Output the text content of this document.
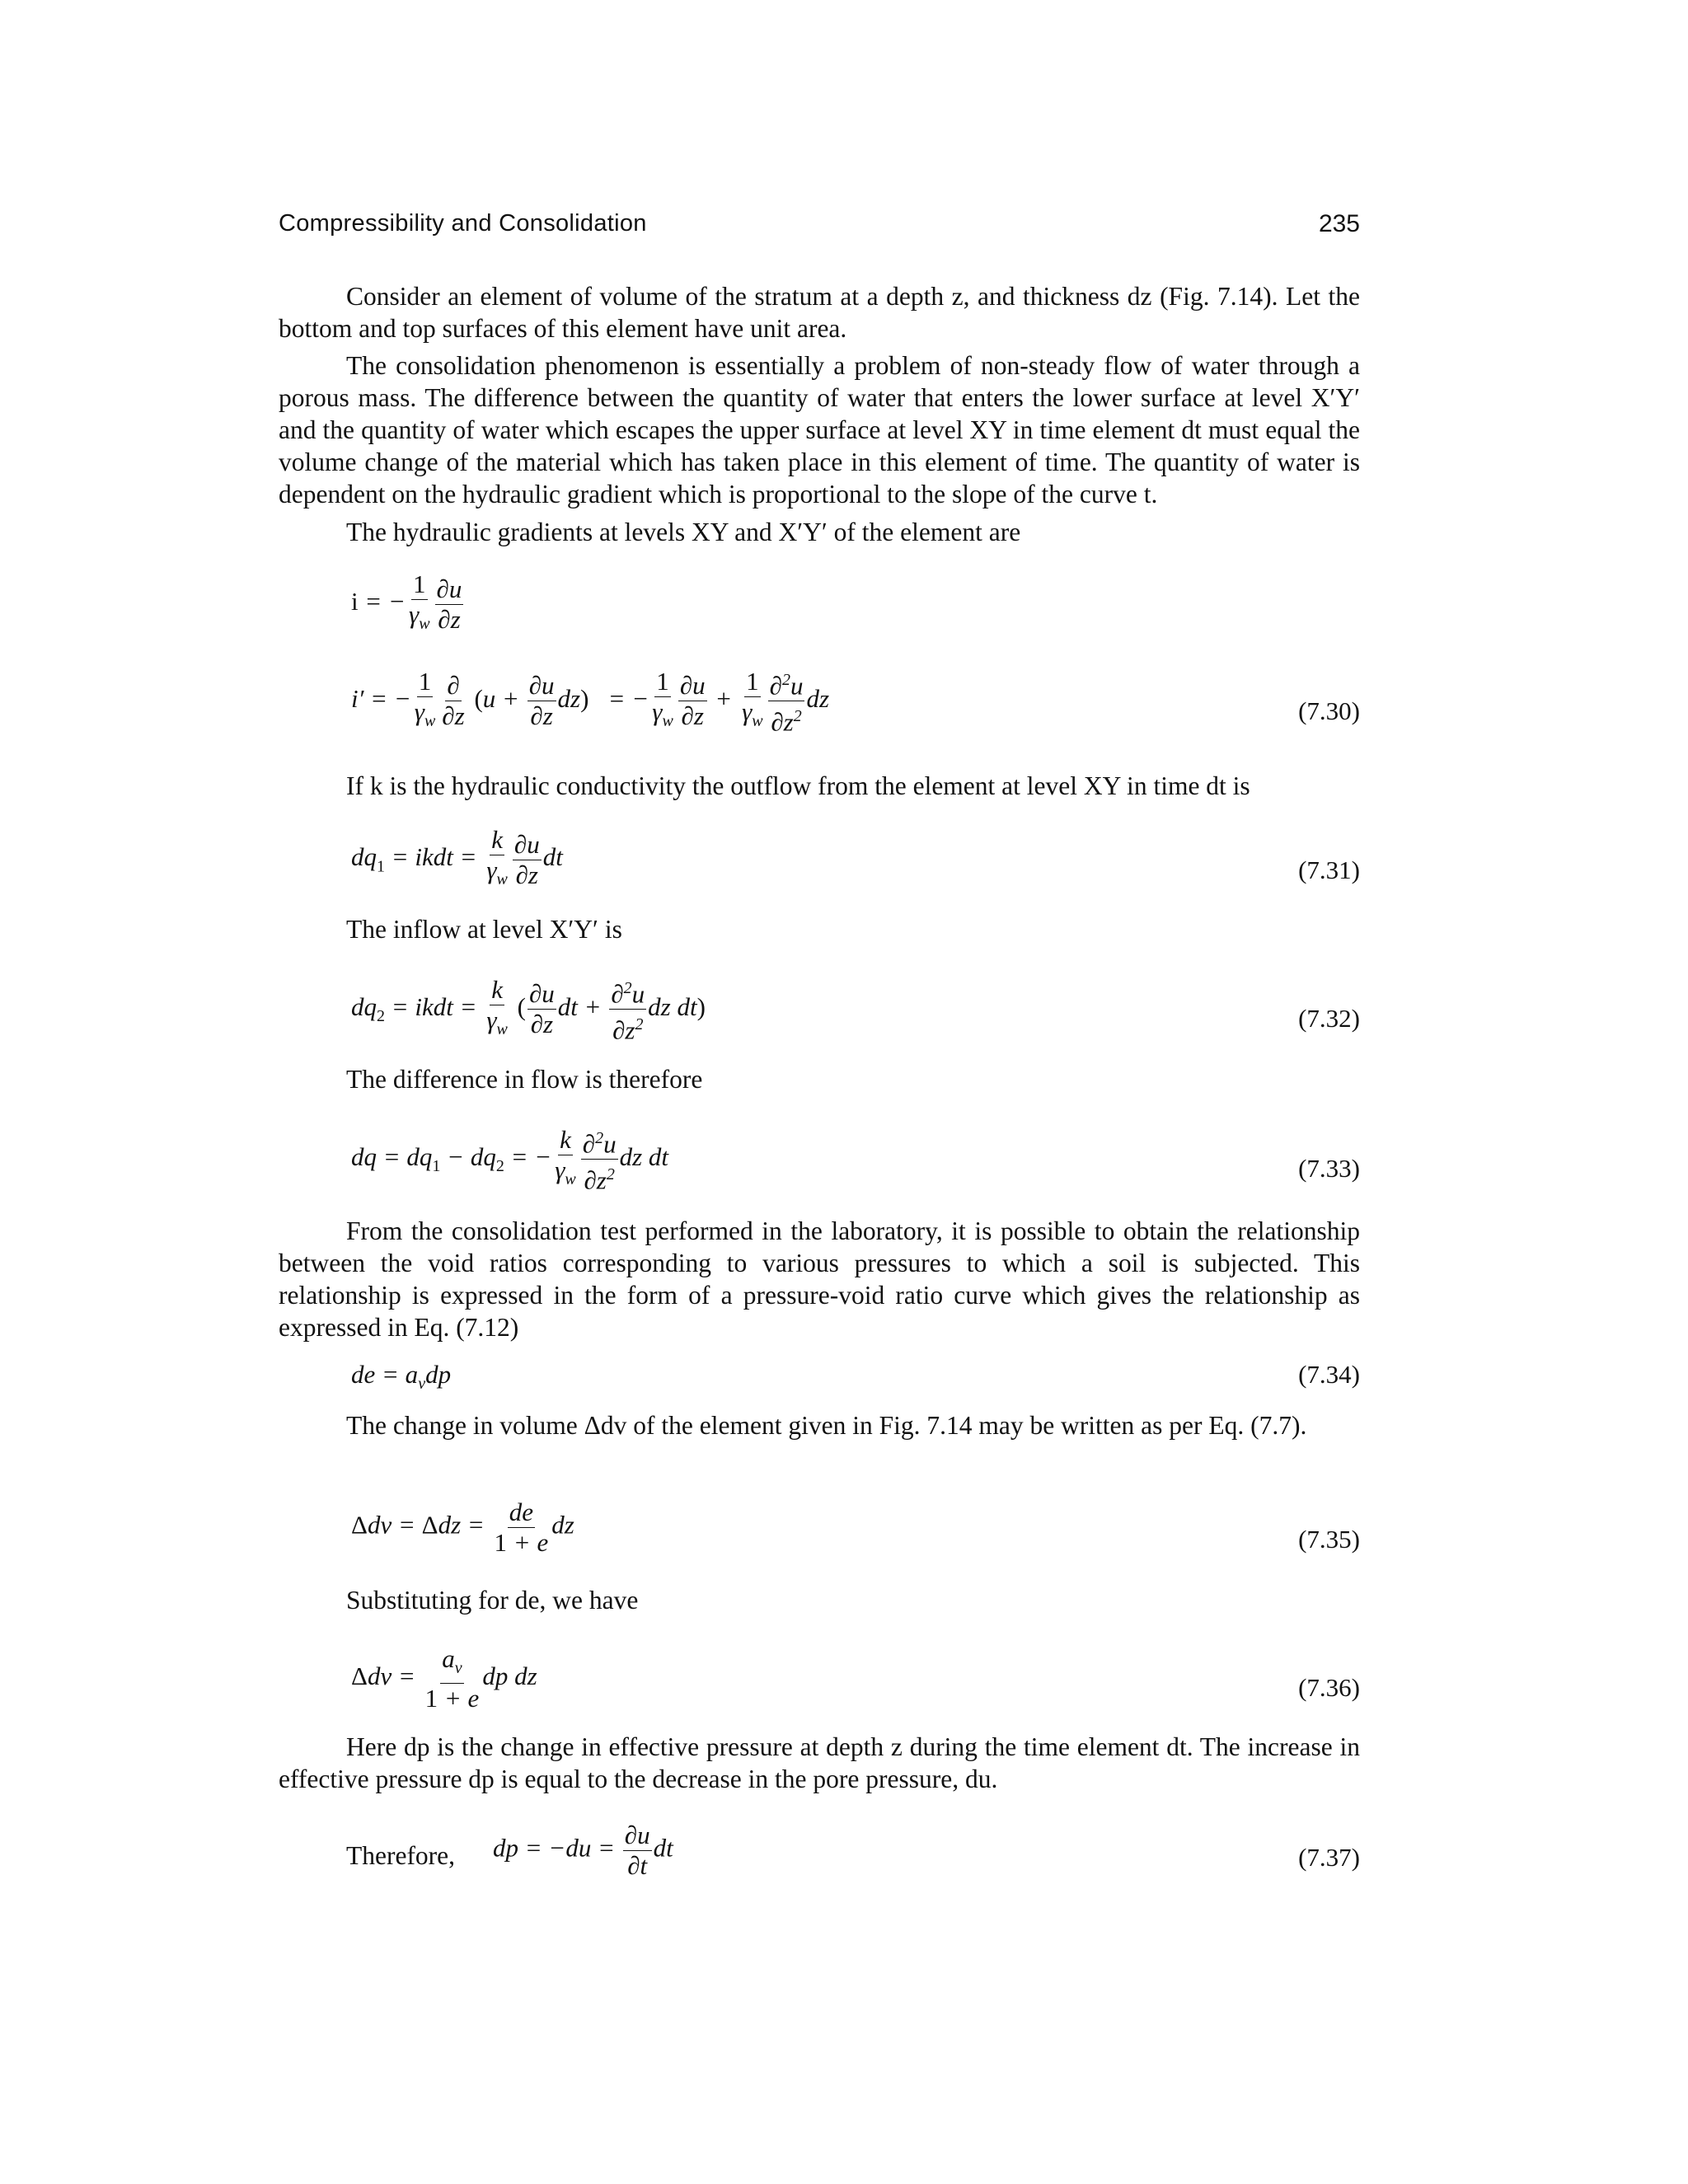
Compressibility and Consolidation	235

Consider an element of volume of the stratum at a depth z, and thickness dz (Fig. 7.14). Let the bottom and top surfaces of this element have unit area.

The consolidation phenomenon is essentially a problem of non-steady flow of water through a porous mass. The difference between the quantity of water that enters the lower surface at level X′Y′ and the quantity of water which escapes the upper surface at level XY in time element dt must equal the volume change of the material which has taken place in this element of time. The quantity of water is dependent on the hydraulic gradient which is proportional to the slope of the curve t.

The hydraulic gradients at levels XY and X′Y′ of the element are

i = − $\frac{1}{\gamma_w} \frac{\partial u}{\partial z}$
i′ = − $\frac{1}{\gamma_w} \frac{\partial}{\partial z} (u + \frac{\partial u}{\partial z} dz)$   = − $\frac{1}{\gamma_w} \frac{\partial u}{\partial z} + \frac{1}{\gamma_w} \frac{\partial^2u}{\partial z^2}$ dz	(7.30)

If k is the hydraulic conductivity the outflow from the element at level XY in time dt is

$dq_1$ = ikdt = $\frac{k}{\gamma_w} \frac{\partial u}{\partial z}$ dt	(7.31)

The inflow at level X′Y′ is

$dq_2$ = ikdt = $\frac{k}{\gamma_w}$ ( $\frac{\partial u}{\partial z}$ dt + $\frac{\partial^2u}{\partial z^2}$ dz dt)	(7.32)

The difference in flow is therefore

dq = $dq_1 - dq_2$ = − $\frac{k}{\gamma_w} \frac{\partial^2u}{\partial z^2}$ dz dt	(7.33)

From the consolidation test performed in the laboratory, it is possible to obtain the relationship between the void ratios corresponding to various pressures to which a soil is subjected. This relationship is expressed in the form of a pressure-void ratio curve which gives the relationship as expressed in Eq. (7.12)

de = $a_vdp$	(7.34)

The change in volume Δdv of the element given in Fig. 7.14 may be written as per Eq. (7.7).

$\Delta dv = \Delta dz = \frac{de}{1 + e}$ dz	(7.35)

Substituting for de, we have

$\Delta dv = \frac{a_v}{1 + e}$ dp dz	(7.36)

Here dp is the change in effective pressure at depth z during the time element dt. The increase in effective pressure dp is equal to the decrease in the pore pressure, du.

Therefore, dp = $-du = \frac{\partial u}{\partial t}$ dt	(7.37)
